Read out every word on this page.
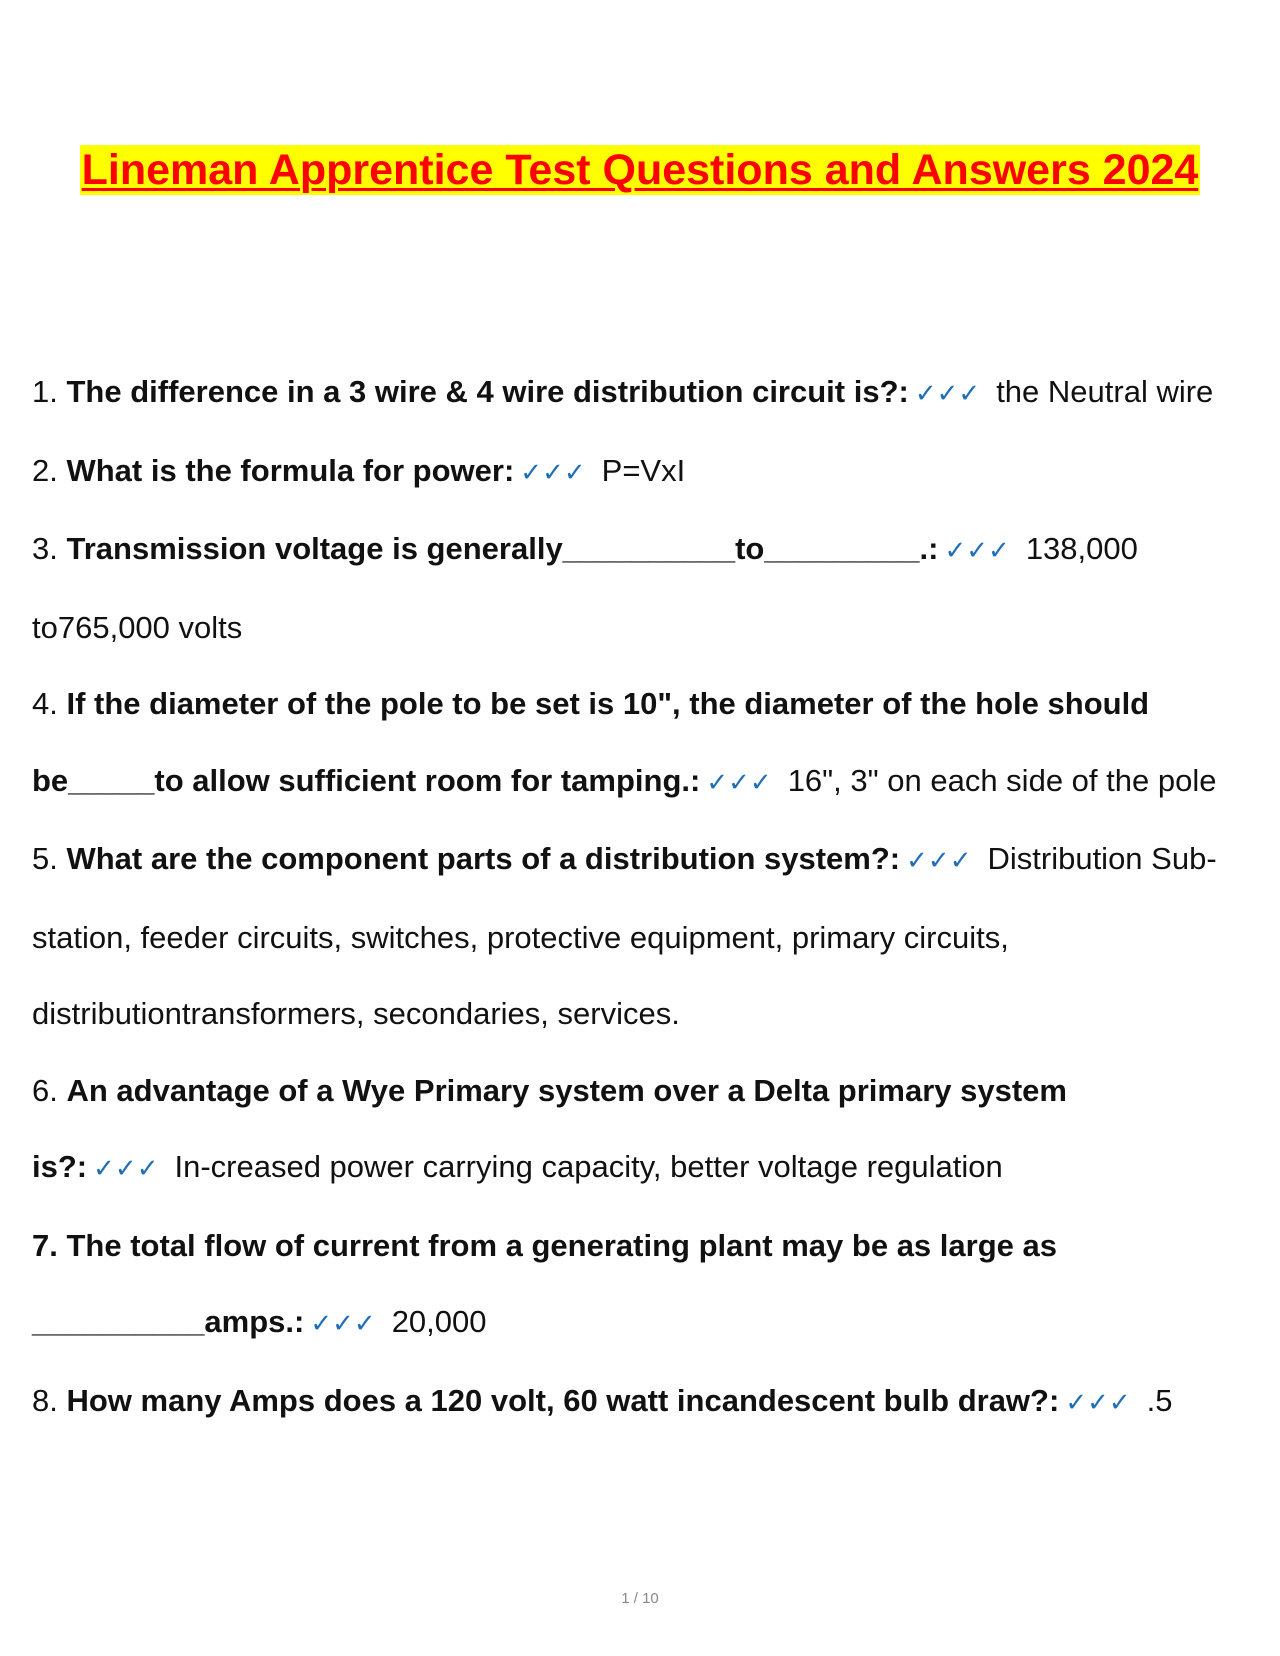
Lineman Apprentice Test Questions and Answers 2024

1. The difference in a 3 wire & 4 wire distribution circuit is?: ✓✓✓ the Neutral wire

2. What is the formula for power: ✓✓✓ P=VxI

3. Transmission voltage is generally__________to_________.: ✓✓✓ 138,000 to765,000 volts

4. If the diameter of the pole to be set is 10", the diameter of the hole should be_____to allow sufficient room for tamping.: ✓✓✓ 16", 3" on each side of the pole

5. What are the component parts of a distribution system?: ✓✓✓ Distribution Sub- station, feeder circuits, switches, protective equipment, primary circuits, distributiontransformers, secondaries, services.

6. An advantage of a Wye Primary system over a Delta primary system is?: ✓✓✓ In-creased power carrying capacity, better voltage regulation

7. The total flow of current from a generating plant may be as large as __________amps.: ✓✓✓ 20,000

8. How many Amps does a 120 volt, 60 watt incandescent bulb draw?: ✓✓✓ .5

1 / 10
